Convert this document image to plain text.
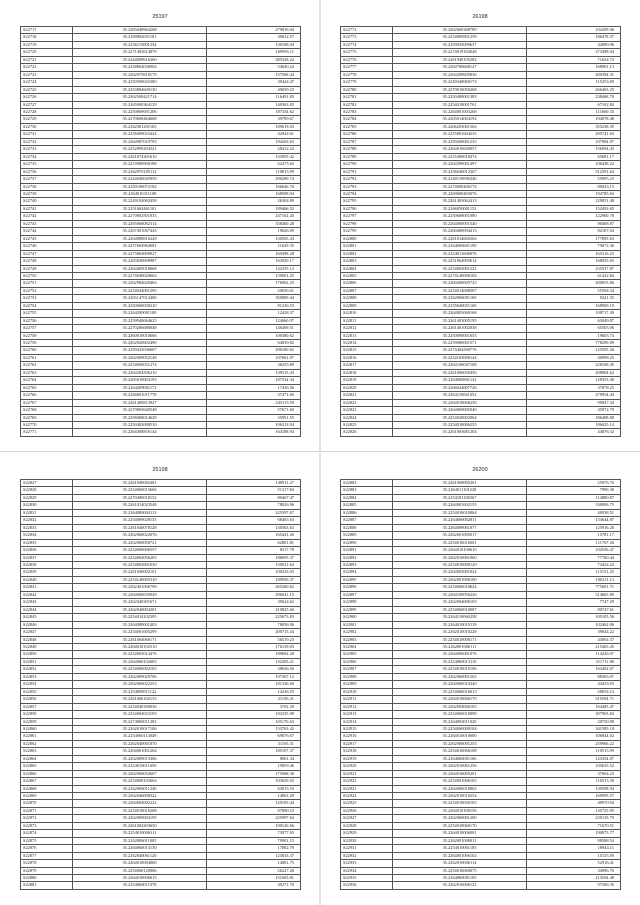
25197
S22717	35.2265048964268	279816.04
S22718	35.2269902051101	39632.57
S22719	35.2256113001234	130168.04
S22720	35.2271483614879	169956.11
S22721	35.2244009616360	385328.22
S22722	35.2258864036904	54640.24
S22723	35.2262975818179	157568.44
S22724	35.2250500043380	39444.47
S22725	35.2253884600130	49039.23
S22726	35.2262508421714	116491.83
S22727	35.2265900364129	140363.83
S22728	35.2250869691206	187334.62
S22729	35.2270600464668	39789.67
S22730	35.2262381201165	189619.03
S22731	35.2258409023424	42944.61
S22732	35.2264987019793	194263.63
S22733	35.2252999294321	28412.22
S22734	35.2261874301610	133095.42
S22735	35.2253980900188	62475.62
S22736	35.2262970185112	110815.99
S22737	35.2244040045959	296290.74
S22738	35.2250100072182	166646.76
S22739	35.2264016311108	168508.94
S22740	35.2249102063458	26304.89
S22741	35.2251604461101	189466.52
S22742	35.2270002501835	247162.43
S22743	35.2265060082314	358460.28
S22744	35.2267401067443	19626.09
S22745	35.2264088816228	130565.43
S22746	35.2257604964081	11629.35
S22747	35.2275804009827	169498.28
S22748	35.2265020009987	163920.17
S22749	35.2264405018668	142355.13
S22750	35.2274040020662	150001.25
S22751	35.2262984620464	176902.25
S22752	35.2254044001295	20036.61
S22753	35.2265147012406	350809.44
S22754	35.2250060030210	81236.53
S22755	35.2264290001100	12428.37
S22756	35.2259940064625	124660.97
S22757	35.2270206680048	146469.51
S22758	35.2260010010666	100380.62
S22759	35.2262820602490	64039.82
S22760	35.2250425036607	290180.62
S22761	35.2262009052148	107661.07
S22762	35.2254600031274	36255.89
S22763	35.2264204506210	139515.43
S22764	35.2265010003193	187534.34
S22765	35.2264209061172	17436.56
S22766	35.2266001011778	37471.60
S22767	35.2261400813927	243115.59
S22768	35.2270003640548	57671.60
S22769	35.2258400014629	35991.55
S22770	35.2250402008510	106313.94
S22771	35.2264408856144	164188.94
26198
S22772	35.2262600308789	104209.06
S22773	35.2254809801259	186478.37
S22774	35.2259035009637	44089.96
S22775	35.2274019104048	273498.04
S22776	35.2261940105282	71634.72
S22777	35.2264700600127	168901.13
S22778	35.2264209605836	200394.31
S22779	35.2249340060173	115253.09
S22780	35.2270010050268	266463.25
S22781	35.2250408001383	238468.70
S22782	35.2254018001761	67102.84
S22783	35.2264801003268	111660.35
S22784	35.2265014004192	194078.48
S22785	35.2266203061564	355238.39
S22786	35.2255801604235	285741.63
S22787	35.2250260001233	107984.07
S22788	35.2264010630057	156094.43
S22789	35.2255400018474	65681.17
S22790	35.2264390001497	106438.22
S22791	35.2256040012367	312591.63
S22792	35.2240110096340	55995.23
S22793	35.2274000406174	80023.15
S22794	35.2269000403076	194785.63
S22795	35.2261403062413	229051.48
S22796	35.2266050001152	152493.65
S22797	35.2250608001080	122960.78
S22798	35.2264000001540	80468.87
S22799	35.2260400094413	82107.04
S22800	35.2261014600264	177895.63
S22801	35.2264000601190	79072.36
S22802	35.2254011006878	165316.25
S22803	35.2251064005614	168035.65
S22804	35.2254003001222	235537.87
S22805	35.2274140006104	61432.84
S22806	35.2260400005723	200053.86
S22807	35.2254014008507	55594.34
S22808	35.2262006001169	9221.35
S22809	35.2255040051169	168900.19
S22810	35.2264803060168	198717.49
S22811	35.2261403005195	63049.87
S22812	35.2261401002038	65503.06
S22813	35.2250090001653	19603.74
S22814	35.2259080001571	778299.09
S22815	35.2274404500776	125505.26
S22816	35.2254103006144	40998.25
S22817	35.2264106047108	228168.45
S22818	35.2261006030450	208904.62
S22819	35.2264000801132	128353.40
S22820	35.2266024007726	37878.25
S22821	35.2264110061052	279954.44
S22822	35.2264010006250	99847.34
S22823	35.2264069005040	45972.79
S22824	35.2254020002064	186408.88
S22825	35.2254010006255	186025.14
S22826	35.2261003681204	44876.32
25198
S22827	35.2261040082481	148911.27
S22828	35.2254060015666	51317.84
S22829	35.2270400018152	80467.47
S22830	35.2261014023548	78026.96
S22831	35.2264080004113	225597.67
S22832	35.2254009028135	68465.63
S22833	35.2261040078128	130563.63
S22834	35.2262060022076	165441.26
S22835	35.2262000050721	62801.81
S22836	35.2254000006557	8317.78
S22837	35.2254004056205	188695.37
S22838	35.2254002601030	150021.64
S22839	35.2261040002101	100233.03
S22840	35.2254140005310	189956.37
S22841	35.2262401006799	265260.62
S22842	35.2264060035049	296041.15
S22843	35.2262040301671	39624.62
S22844	35.2262040004201	219825.60
S22845	35.2254014102395	225673.83
S22846	35.2264080001403	78056.96
S22847	35.2254001605299	200715.44
S22848	35.2261004066171	56519.23
S22849	35.2264010102510	176139.03
S22850	35.2254003014476	189682.28
S22851	35.2264060102605	142265.21
S22852	35.2254006002105	38636.56
S22853	35.2262009020706	197367.12
S22854	35.2262060022253	181336.60
S22855	35.2254000011122	14236.55
S22856	35.2261060102135	21156.31
S22857	35.2254040300036	3702.29
S22858	35.2254004023105	183235.98
S22859	35.2274000011203	105176.63
S22860	35.2262010017106	133763.42
S22861	35.2254060113049	69876.67
S22862	35.2262040001070	31165.31
S22863	35.2264061001264	185107.37
S22864	35.2262009013306	8061.34
S22865	35.2254010011650	19859.46
S22866	35.2262060032607	175068.30
S22867	35.2254000102664	103629.03
S22868	35.2262006011240	63815.53
S22869	35.2262046000522	14061.29
S22870	35.2264004002222	129105.44
S22871	35.2254010016208	87690.23
S22872	35.2262000004195	225997.64
S22873	35.2261004203650	190126.66
S22874	35.2254010006311	73977.65
S22875	35.2262006011005	79901.15
S22876	35.2264060013130	17882.79
S22877	35.2262040061120	123633.37
S22878	35.2264010004060	14081.75
S22879	35.2254060120006	26227.26
S22880	35.2264010006015	151605.81
S22881	35.2254060011078	49271.70
26200
S22882	35.2261060005261	25976.76
S22883	35.2264011101228	7990.30
S22884	35.2254101100267	114880.87
S22885	35.2264001602155	330006.75
S22886	35.2254016010064	40938.51
S22887	35.2264006002811	133644.87
S22888	35.2264009061077	125916.28
S22889	35.2262601005017	15781.17
S22890	35.2254010016001	111767.26
S22891	35.2264010100610	102556.47
S22892	35.2262010061060	77760.44
S22893	35.2254010000120	73424.24
S22894	35.2264003001024	115151.25
S22895	35.2262001006100	100211.13
S22896	35.2254060010624	775601.71
S22897	35.2264100056226	314665.89
S22898	35.2262004006103	7747.29
S22899	35.2254060010087	80747.61
S22900	35.2264110060258	105105.56
S22901	35.2264010010119	102462.06
S22902	35.2262010010228	39644.22
S22903	35.2254010006171	43064.37
S22904	35.2262001006111	215465.45
S22905	35.2264006001076	114226.07
S22906	35.2254060013110	311711.06
S22907	35.2254010010106	163402.07
S22908	35.2262060001202	88363.07
S22909	35.2264060010340	44433.93
S22910	35.2254060016013	28654.14
S22911	35.2264010006170	315594.71
S22912	35.2262004006105	164485.47
S22913	35.2254060010098	307903.84
S22914	35.2264003011020	20750.98
S22915	35.2254060000104	341585.18
S22916	35.2264010010600	106844.02
S22917	35.2262006001253	259966.22
S22918	35.2254010066108	110515.99
S22919	35.2264060001106	123354.87
S22920	35.2262010061256	105635.52
S22921	35.2264016005201	37604.23
S22922	35.2254001006105	110513.39
S22923	35.2264006010002	139598.94
S22924	35.2262010010254	160995.57
S22925	35.2254010030105	40970.94
S22926	35.2264010100156	145725.95
S22927	35.2262060001200	220133.79
S22928	35.2254010060170	71670.51
S22929	35.2264010006001	190875.77
S22930	35.2262001006011	98588.54
S22931	35.2254010061105	18944.11
S22932	35.2264001006102	15155.59
S22933	35.2262010006114	52916.41
S22934	35.2254010060075	34996.76
S22935	35.2264060001105	213594.48
S22936	35.2262010006122	97206.35
